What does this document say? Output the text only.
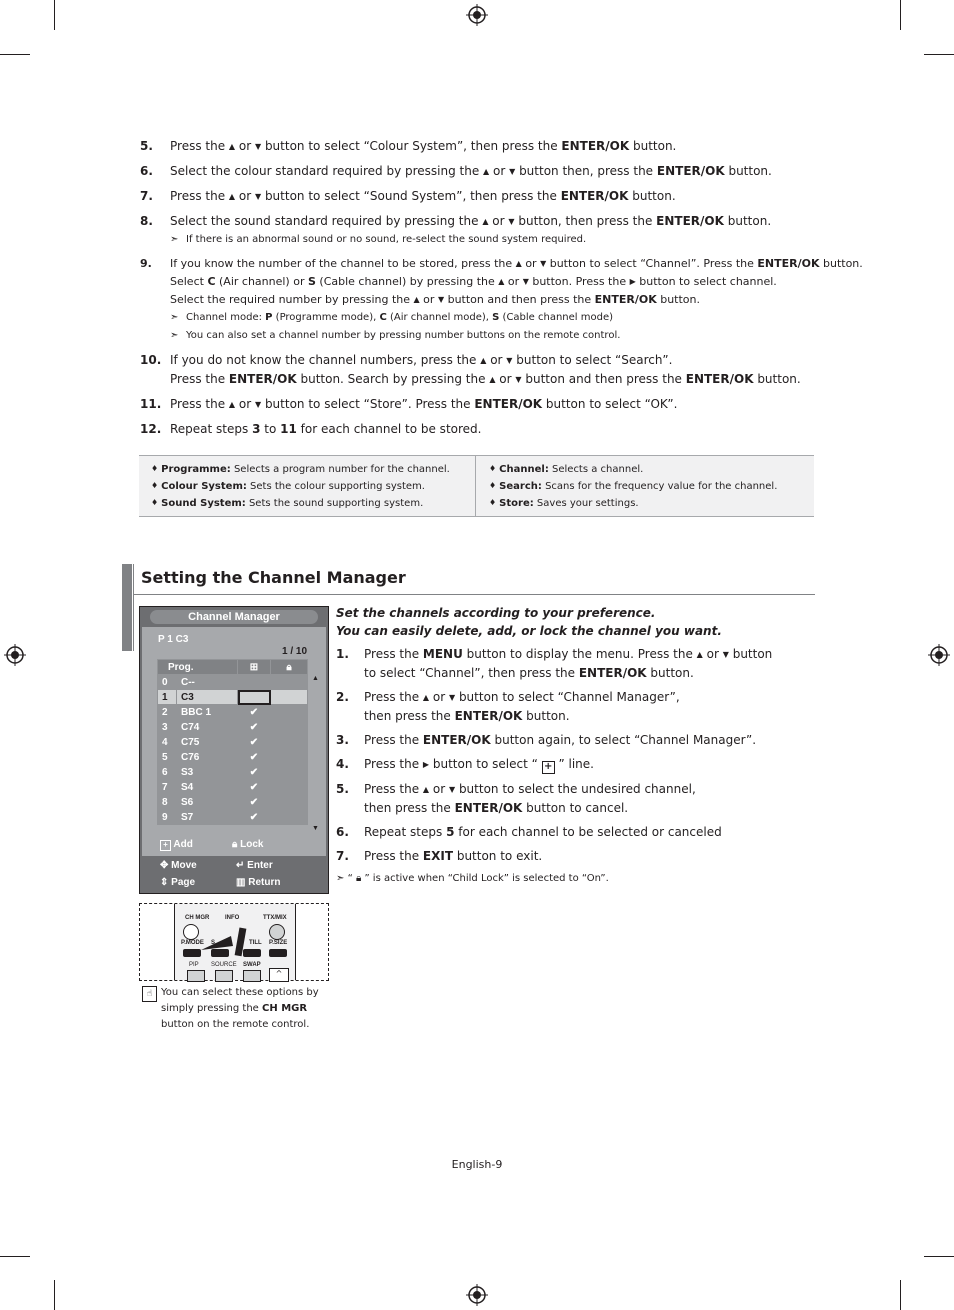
5. Press the ▲ or ▼ button to select “Colour System”, then press the ENTER/OK button.
6. Select the colour standard required by pressing the ▲ or ▼ button then, press the ENTER/OK button.
7. Press the ▲ or ▼ button to select “Sound System”, then press the ENTER/OK button.
8. Select the sound standard required by pressing the ▲ or ▼ button, then press the ENTER/OK button.
➣ If there is an abnormal sound or no sound, re-select the sound system required.
9. If you know the number of the channel to be stored, press the ▲ or ▼ button to select “Channel”. Press the ENTER/OK button.
Select C (Air channel) or S (Cable channel) by pressing the ▲ or ▼ button. Press the ▶ button to select channel.
Select the required number by pressing the ▲ or ▼ button and then press the ENTER/OK button.
➣ Channel mode: P (Programme mode), C (Air channel mode), S (Cable channel mode)
➣ You can also set a channel number by pressing number buttons on the remote control.
10. If you do not know the channel numbers, press the ▲ or ▼ button to select “Search”.
Press the ENTER/OK button. Search by pressing the ▲ or ▼ button and then press the ENTER/OK button.
11. Press the ▲ or ▼ button to select “Store”. Press the ENTER/OK button to select “OK”.
12. Repeat steps 3 to 11 for each channel to be stored.
♦ Programme: Selects a program number for the channel.
♦ Colour System: Sets the colour supporting system.
♦ Sound System: Sets the sound supporting system.
♦ Channel: Selects a channel.
♦ Search: Scans for the frequency value for the channel.
♦ Store: Saves your settings.
Setting the Channel Manager
Channel Manager
P 1 C3
1 / 10
Prog.		⊞	🔒︎
0	C--		
1	C3		
2	BBC 1	✔	
3	C74	✔	
4	C75	✔	
5	C76	✔	
6	S3	✔	
7	S4	✔	
8	S6	✔	
9	S7	✔	
▲
▼
+ Add	🔒︎ Lock
✥ Move	↵ Enter
⇕ Page	▥ Return
CH MGR	INFO	TTX/MIX
P.MODE S.	TILL P.SIZE
PIP SOURCE SWAP
^
☝ You can select these options by
simply pressing the CH MGR
button on the remote control.
Set the channels according to your preference.
You can easily delete, add, or lock the channel you want.
1. Press the MENU button to display the menu. Press the ▲ or ▼ button
to select “Channel”, then press the ENTER/OK button.
2. Press the ▲ or ▼ button to select “Channel Manager”,
then press the ENTER/OK button.
3. Press the ENTER/OK button again, to select “Channel Manager”.
4. Press the ▶ button to select “ + ” line.
5. Press the ▲ or ▼ button to select the undesired channel,
then press the ENTER/OK button to cancel.
6. Repeat steps 5 for each channel to be selected or canceled
7. Press the EXIT button to exit.
➣ “ 🔒︎ ” is active when “Child Lock” is selected to “On”.
English-9
